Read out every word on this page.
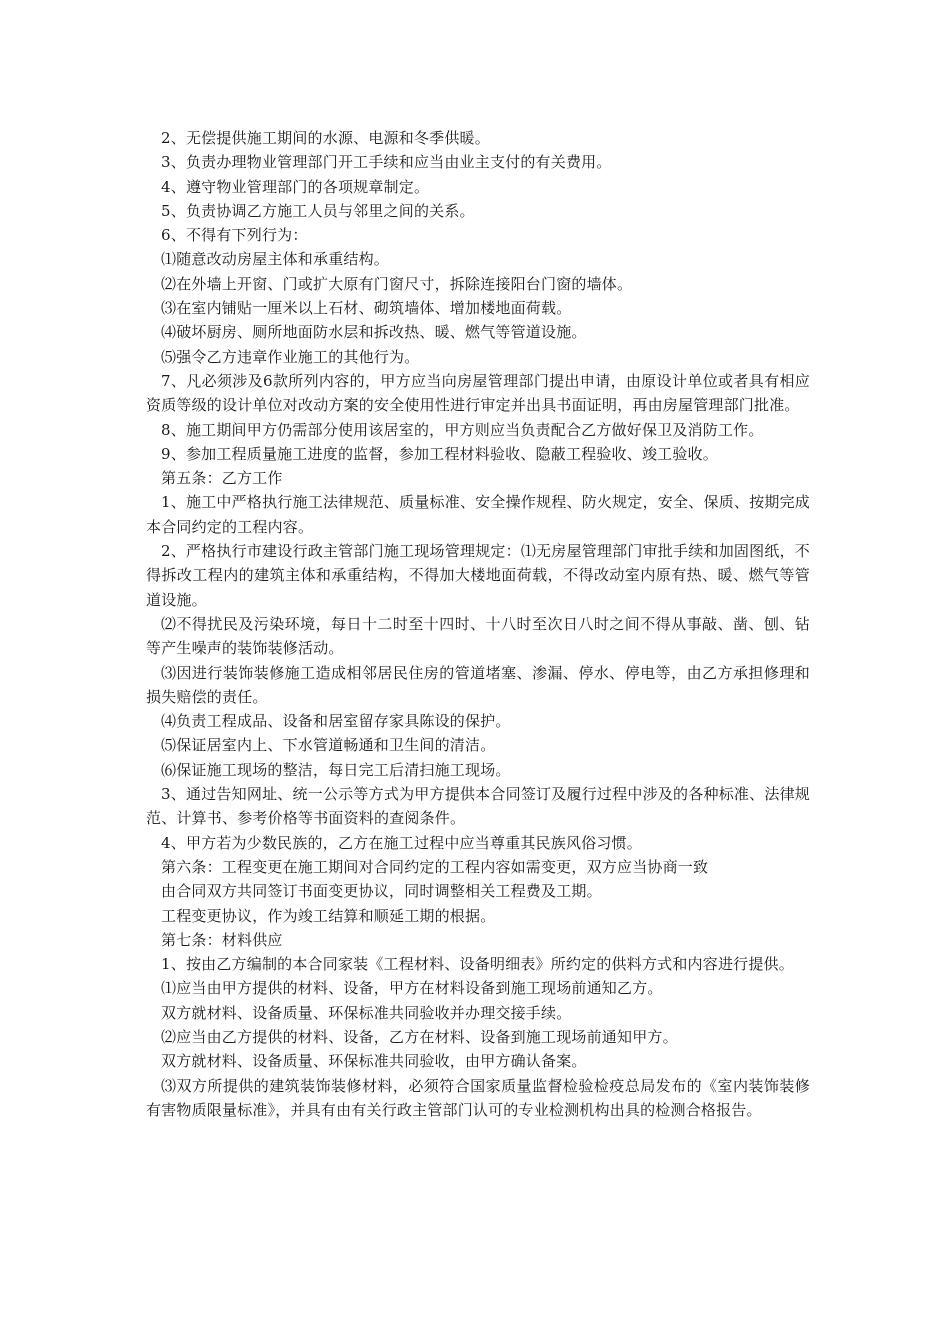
2、无偿提供施工期间的水源、电源和冬季供暖。

3、负责办理物业管理部门开工手续和应当由业主支付的有关费用。

4、遵守物业管理部门的各项规章制定。

5、负责协调乙方施工人员与邻里之间的关系。

6、不得有下列行为：

⑴随意改动房屋主体和承重结构。

⑵在外墙上开窗、门或扩大原有门窗尺寸，拆除连接阳台门窗的墙体。

⑶在室内铺贴一厘米以上石材、砌筑墙体、增加楼地面荷载。

⑷破坏厨房、厕所地面防水层和拆改热、暖、燃气等管道设施。

⑸强令乙方违章作业施工的其他行为。

7、凡必须涉及6款所列内容的，甲方应当向房屋管理部门提出申请，由原设计单位或者具有相应资质等级的设计单位对改动方案的安全使用性进行审定并出具书面证明，再由房屋管理部门批准。

8、施工期间甲方仍需部分使用该居室的，甲方则应当负责配合乙方做好保卫及消防工作。

9、参加工程质量施工进度的监督，参加工程材料验收、隐蔽工程验收、竣工验收。

第五条：乙方工作

1、施工中严格执行施工法律规范、质量标准、安全操作规程、防火规定，安全、保质、按期完成本合同约定的工程内容。

2、严格执行市建设行政主管部门施工现场管理规定：⑴无房屋管理部门审批手续和加固图纸，不得拆改工程内的建筑主体和承重结构，不得加大楼地面荷载，不得改动室内原有热、暖、燃气等管道设施。

⑵不得扰民及污染环境，每日十二时至十四时、十八时至次日八时之间不得从事敲、凿、刨、钻等产生噪声的装饰装修活动。

⑶因进行装饰装修施工造成相邻居民住房的管道堵塞、渗漏、停水、停电等，由乙方承担修理和损失赔偿的责任。

⑷负责工程成品、设备和居室留存家具陈设的保护。

⑸保证居室内上、下水管道畅通和卫生间的清洁。

⑹保证施工现场的整洁，每日完工后清扫施工现场。

3、通过告知网址、统一公示等方式为甲方提供本合同签订及履行过程中涉及的各种标准、法律规范、计算书、参考价格等书面资料的查阅条件。

4、甲方若为少数民族的，乙方在施工过程中应当尊重其民族风俗习惯。

第六条：工程变更在施工期间对合同约定的工程内容如需变更，双方应当协商一致

由合同双方共同签订书面变更协议，同时调整相关工程费及工期。

工程变更协议，作为竣工结算和顺延工期的根据。

第七条：材料供应

1、按由乙方编制的本合同家装《工程材料、设备明细表》所约定的供料方式和内容进行提供。

⑴应当由甲方提供的材料、设备，甲方在材料设备到施工现场前通知乙方。

双方就材料、设备质量、环保标准共同验收并办理交接手续。

⑵应当由乙方提供的材料、设备，乙方在材料、设备到施工现场前通知甲方。

双方就材料、设备质量、环保标准共同验收，由甲方确认备案。

⑶双方所提供的建筑装饰装修材料，必须符合国家质量监督检验检疫总局发布的《室内装饰装修有害物质限量标准》，并具有由有关行政主管部门认可的专业检测机构出具的检测合格报告。
